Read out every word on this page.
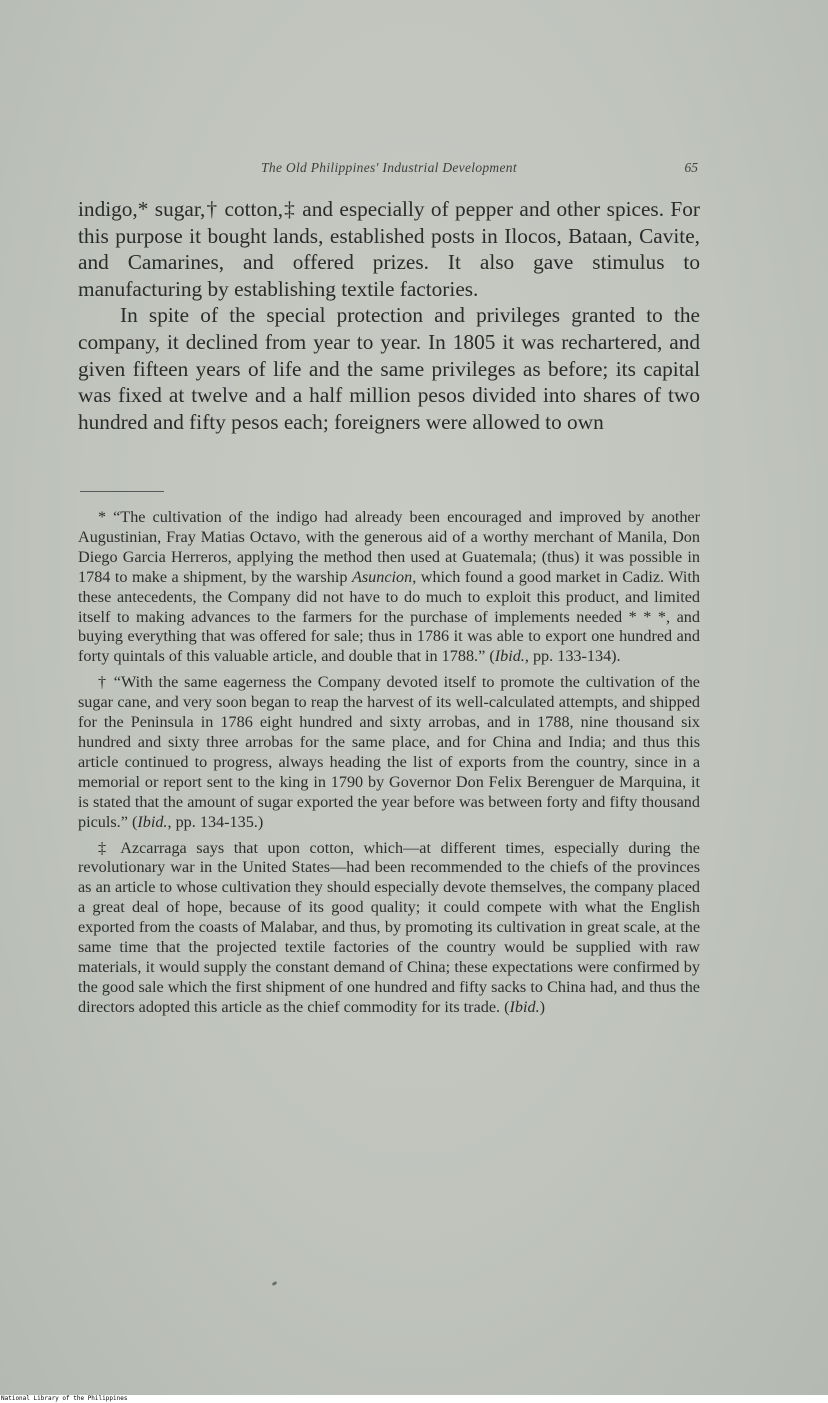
The Old Philippines' Industrial Development	65

indigo,* sugar,† cotton,‡ and especially of pepper and other spices. For this purpose it bought lands, established posts in Ilocos, Bataan, Cavite, and Camarines, and offered prizes. It also gave stimulus to manufacturing by establishing textile factories.

In spite of the special protection and privileges granted to the company, it declined from year to year. In 1805 it was rechartered, and given fifteen years of life and the same privileges as before; its capital was fixed at twelve and a half million pesos divided into shares of two hundred and fifty pesos each; foreigners were allowed to own

* “The cultivation of the indigo had already been encouraged and improved by another Augustinian, Fray Matias Octavo, with the generous aid of a worthy merchant of Manila, Don Diego Garcia Herreros, applying the method then used at Guatemala; (thus) it was possible in 1784 to make a shipment, by the warship Asuncion, which found a good market in Cadiz. With these antecedents, the Company did not have to do much to exploit this product, and limited itself to making advances to the farmers for the purchase of implements needed * * *, and buying everything that was offered for sale; thus in 1786 it was able to export one hundred and forty quintals of this valuable article, and double that in 1788.” (Ibid., pp. 133-134).

† “With the same eagerness the Company devoted itself to promote the cultivation of the sugar cane, and very soon began to reap the harvest of its well-calculated attempts, and shipped for the Peninsula in 1786 eight hundred and sixty arrobas, and in 1788, nine thousand six hundred and sixty three arrobas for the same place, and for China and India; and thus this article continued to progress, always heading the list of exports from the country, since in a memorial or report sent to the king in 1790 by Governor Don Felix Berenguer de Marquina, it is stated that the amount of sugar exported the year before was between forty and fifty thousand piculs.” (Ibid., pp. 134-135.)

‡ Azcarraga says that upon cotton, which—at different times, especially during the revolutionary war in the United States—had been recommended to the chiefs of the provinces as an article to whose cultivation they should especially devote themselves, the company placed a great deal of hope, because of its good quality; it could compete with what the English exported from the coasts of Malabar, and thus, by promoting its cultivation in great scale, at the same time that the projected textile factories of the country would be supplied with raw materials, it would supply the constant demand of China; these expectations were confirmed by the good sale which the first shipment of one hundred and fifty sacks to China had, and thus the directors adopted this article as the chief commodity for its trade. (Ibid.)

National Library of the Philippines
